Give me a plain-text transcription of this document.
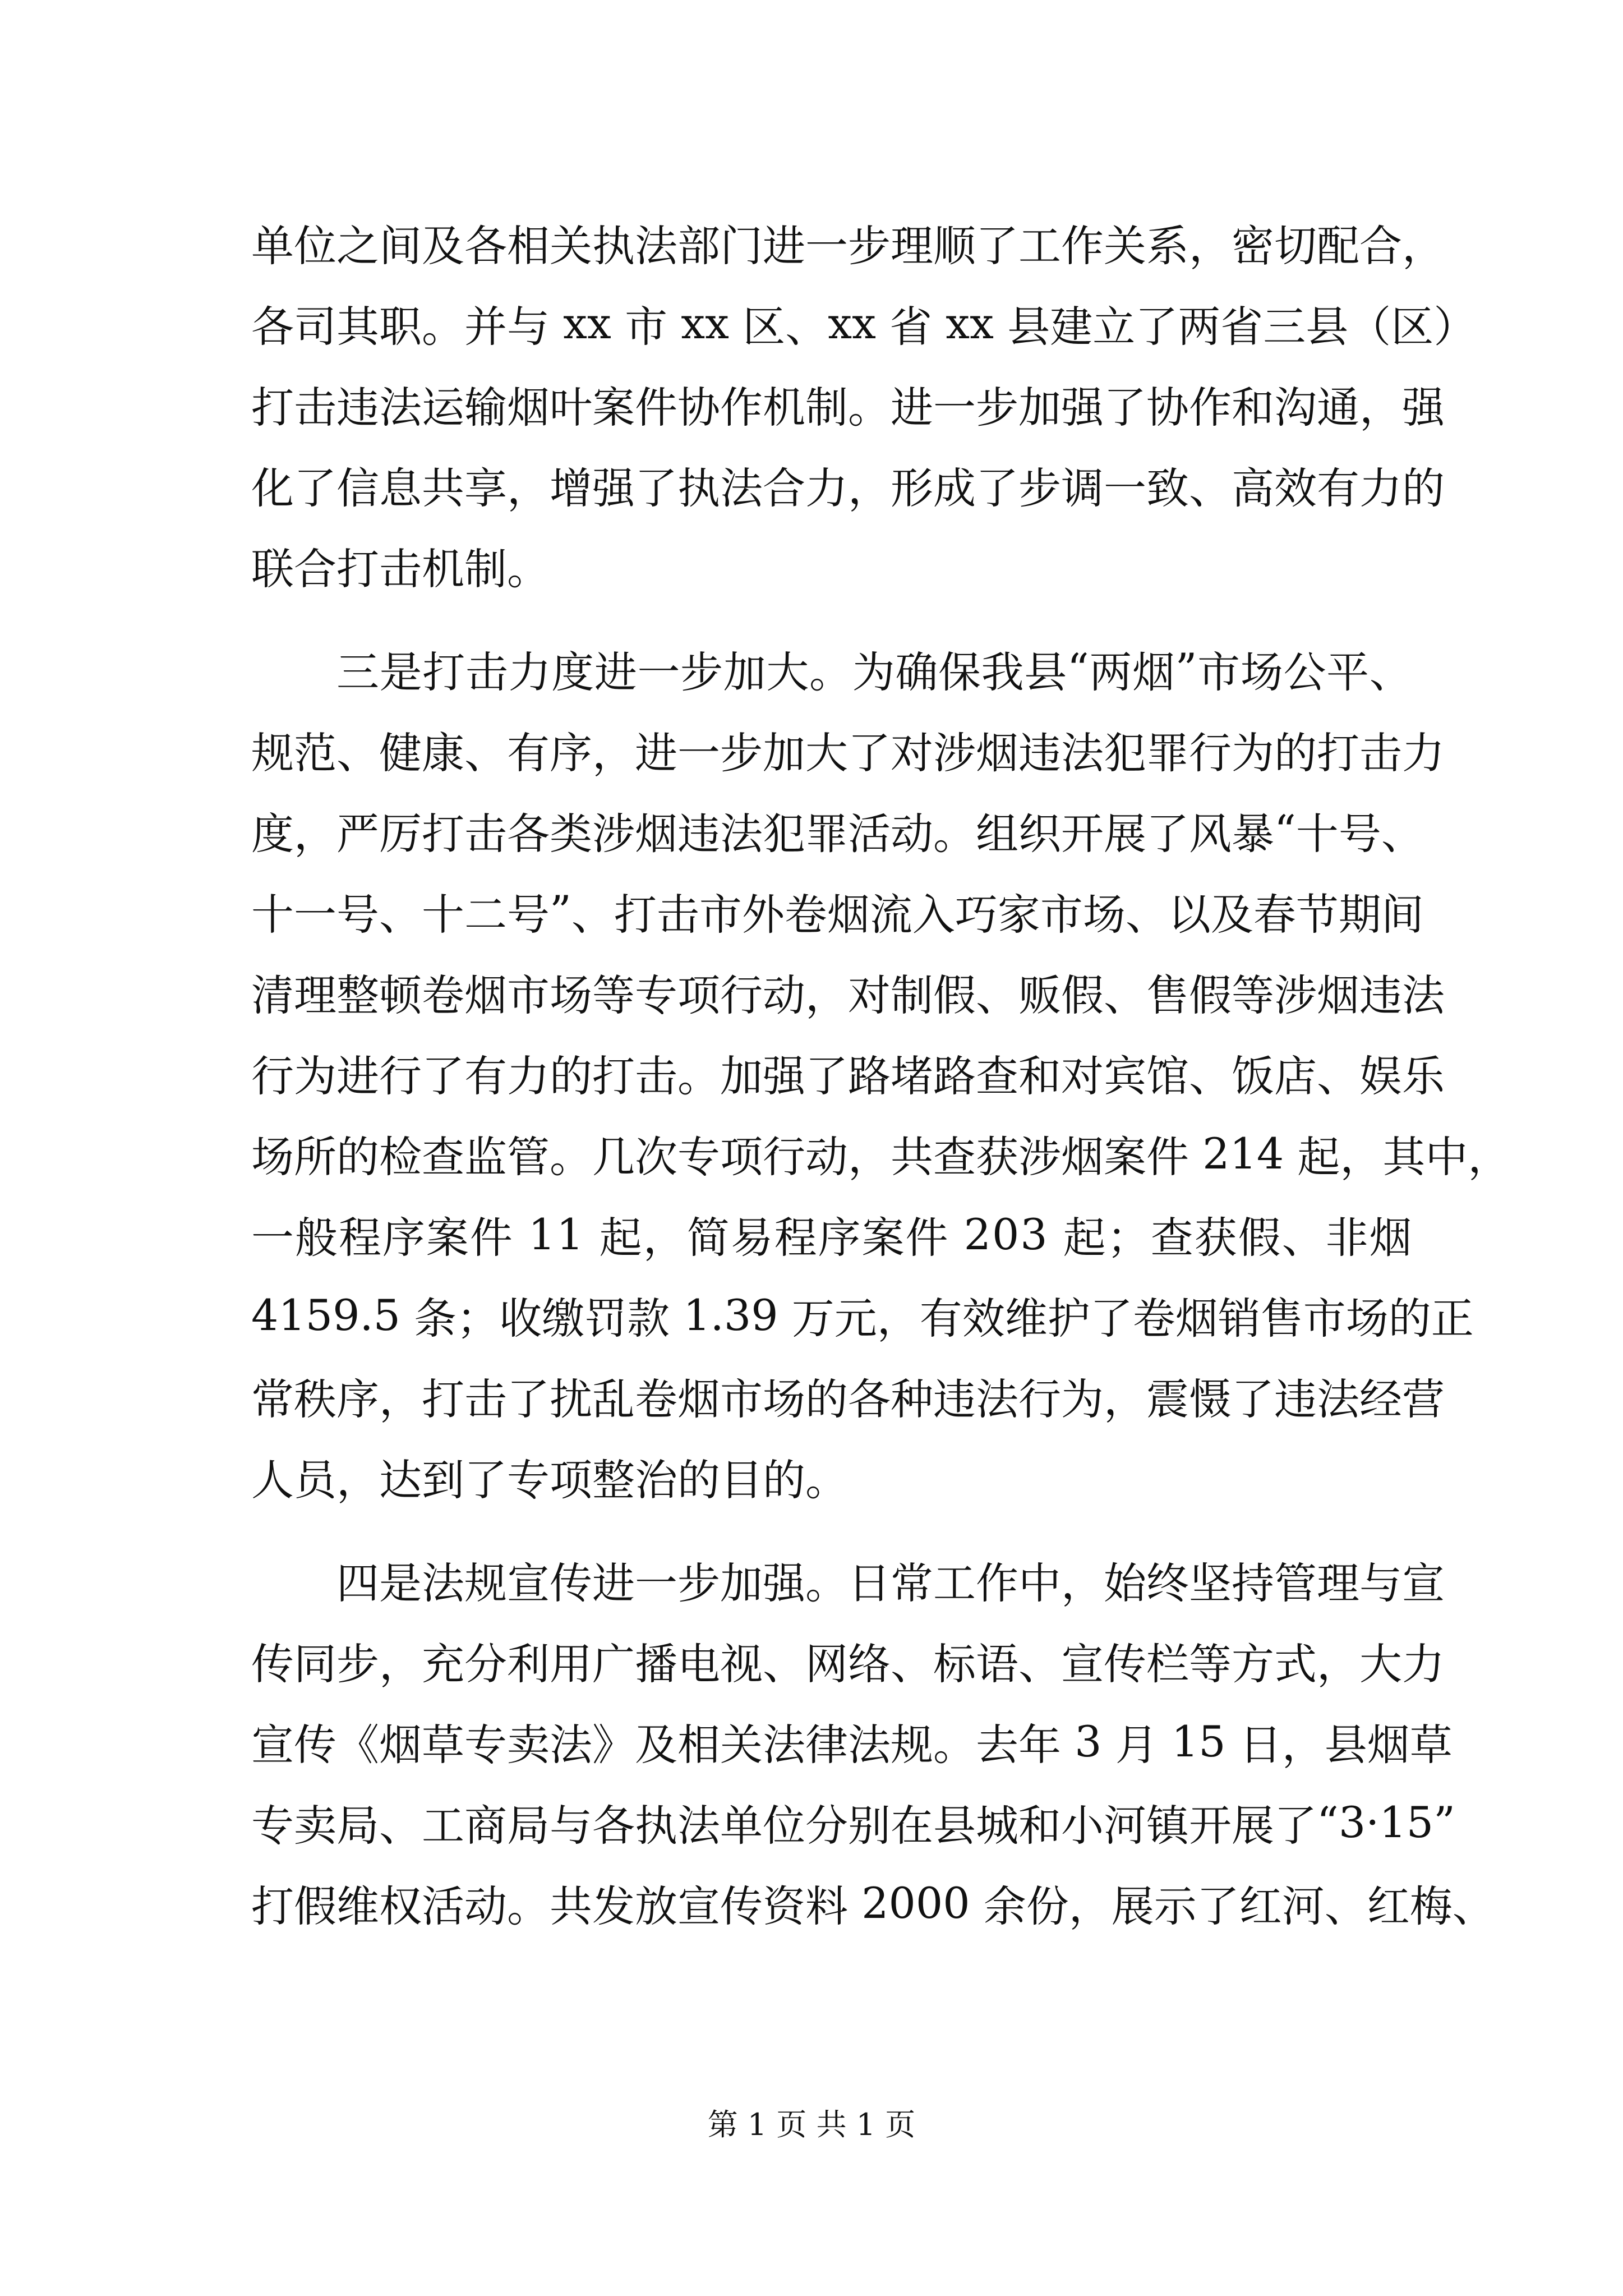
单 位 之 间 及 各 相 关 执 法 部 门 进 一 步 理 顺 了 工 作 关 系 ， 密 切 配 合 ，
各 司 其 职 。 并 与
x x
市
x x
区 、 x x
省
x x
县 建 立 了 两 省 三 县 （ 区 ）
打 击 违 法 运 输 烟 叶 案 件 协 作 机 制 。 进 一 步 加 强 了 协 作 和 沟 通 ， 强
化 了 信 息 共 享 ， 增 强 了 执 法 合 力 ， 形 成 了 步 调 一 致 、 高 效 有 力 的
联合打击机制。
三 是 打 击 力 度 进 一 步 加 大 。 为 确 保 我 县 “ 两 烟 ” 市 场 公 平 、
规 范 、 健 康 、 有 序 ， 进 一 步 加 大 了 对 涉 烟 违 法 犯 罪 行 为 的 打 击 力
度 ， 严 厉 打 击 各 类 涉 烟 违 法 犯 罪 活 动 。 组 织 开 展 了 风 暴 “ 十 号 、
十 一 号 、 十 二 号 ” 、 打 击 市 外 卷 烟 流 入 巧 家 市 场 、 以 及 春 节 期 间
清 理 整 顿 卷 烟 市 场 等 专 项 行 动 ， 对 制 假 、 贩 假 、 售 假 等 涉 烟 违 法
行 为 进 行 了 有 力 的 打 击 。 加 强 了 路 堵 路 查 和 对 宾 馆 、 饭 店 、 娱 乐
场 所 的 检 查 监 管 。 几 次 专 项 行 动 ， 共 查 获 涉 烟 案 件
2 1 4
起 ， 其 中 ，
一 般 程 序 案 件
1 1
起 ， 简 易 程 序 案 件
2 0 3
起 ； 查 获 假 、 非 烟
4 1 5 9 . 5
条 ； 收 缴 罚 款
1 . 3 9
万 元 ， 有 效 维 护 了 卷 烟 销 售 市 场 的 正
常 秩 序 ， 打 击 了 扰 乱 卷 烟 市 场 的 各 种 违 法 行 为 ， 震 慑 了 违 法 经 营
人员，达到了专项整治的目的。
四 是 法 规 宣 传 进 一 步 加 强 。 日 常 工 作 中 ， 始 终 坚 持 管 理 与 宣
传 同 步 ， 充 分 利 用 广 播 电 视 、 网 络 、 标 语 、 宣 传 栏 等 方 式 ， 大 力
宣 传 《 烟 草 专 卖 法 》 及 相 关 法 律 法 规 。 去 年
3
月
1 5
日 ， 县 烟 草
专 卖 局 、 工 商 局 与 各 执 法 单 位 分 别 在 县 城 和 小 河 镇 开 展 了 “ 3 · 1 5 ”
打 假 维 权 活 动 。 共 发 放 宣 传 资 料
2 0 0 0
余 份 ， 展 示 了 红 河 、 红 梅 、
第 1 页 共 1 页
